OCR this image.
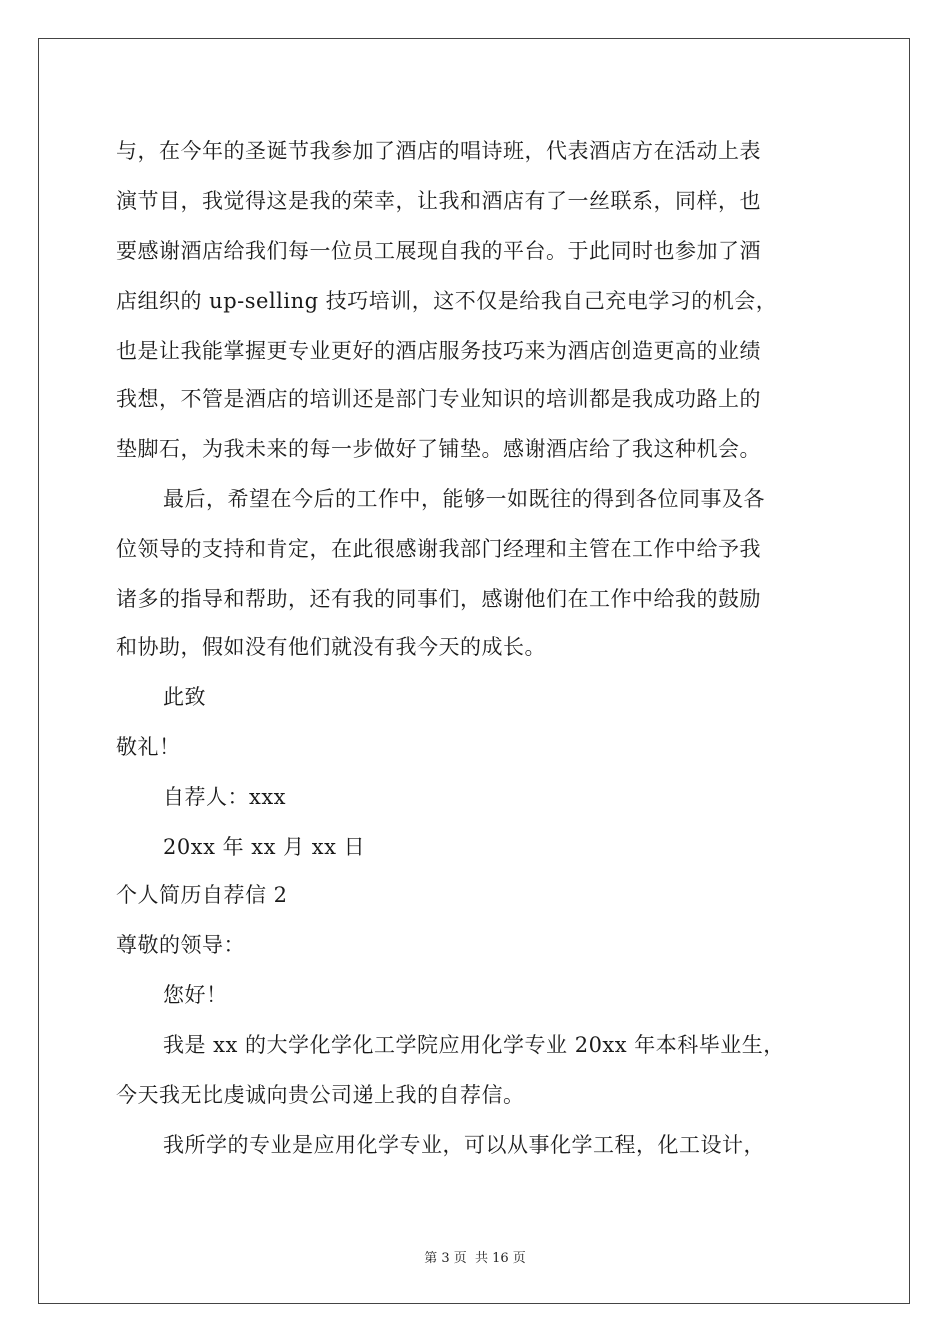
与，在今年的圣诞节我参加了酒店的唱诗班，代表酒店方在活动上表
演节目，我觉得这是我的荣幸，让我和酒店有了一丝联系，同样，也
要感谢酒店给我们每一位员工展现自我的平台。于此同时也参加了酒
店组织的 up-selling 技巧培训，这不仅是给我自己充电学习的机会，
也是让我能掌握更专业更好的酒店服务技巧来为酒店创造更高的业绩
我想，不管是酒店的培训还是部门专业知识的培训都是我成功路上的
垫脚石，为我未来的每一步做好了铺垫。感谢酒店给了我这种机会。
最后，希望在今后的工作中，能够一如既往的得到各位同事及各
位领导的支持和肯定，在此很感谢我部门经理和主管在工作中给予我
诸多的指导和帮助，还有我的同事们，感谢他们在工作中给我的鼓励
和协助，假如没有他们就没有我今天的成长。
此致
敬礼！
自荐人：xxx
20xx 年 xx 月 xx 日
个人简历自荐信 2
尊敬的领导：
您好！
我是 xx 的大学化学化工学院应用化学专业 20xx 年本科毕业生，
今天我无比虔诚向贵公司递上我的自荐信。
我所学的专业是应用化学专业，可以从事化学工程，化工设计，
第 3 页 共 16 页
